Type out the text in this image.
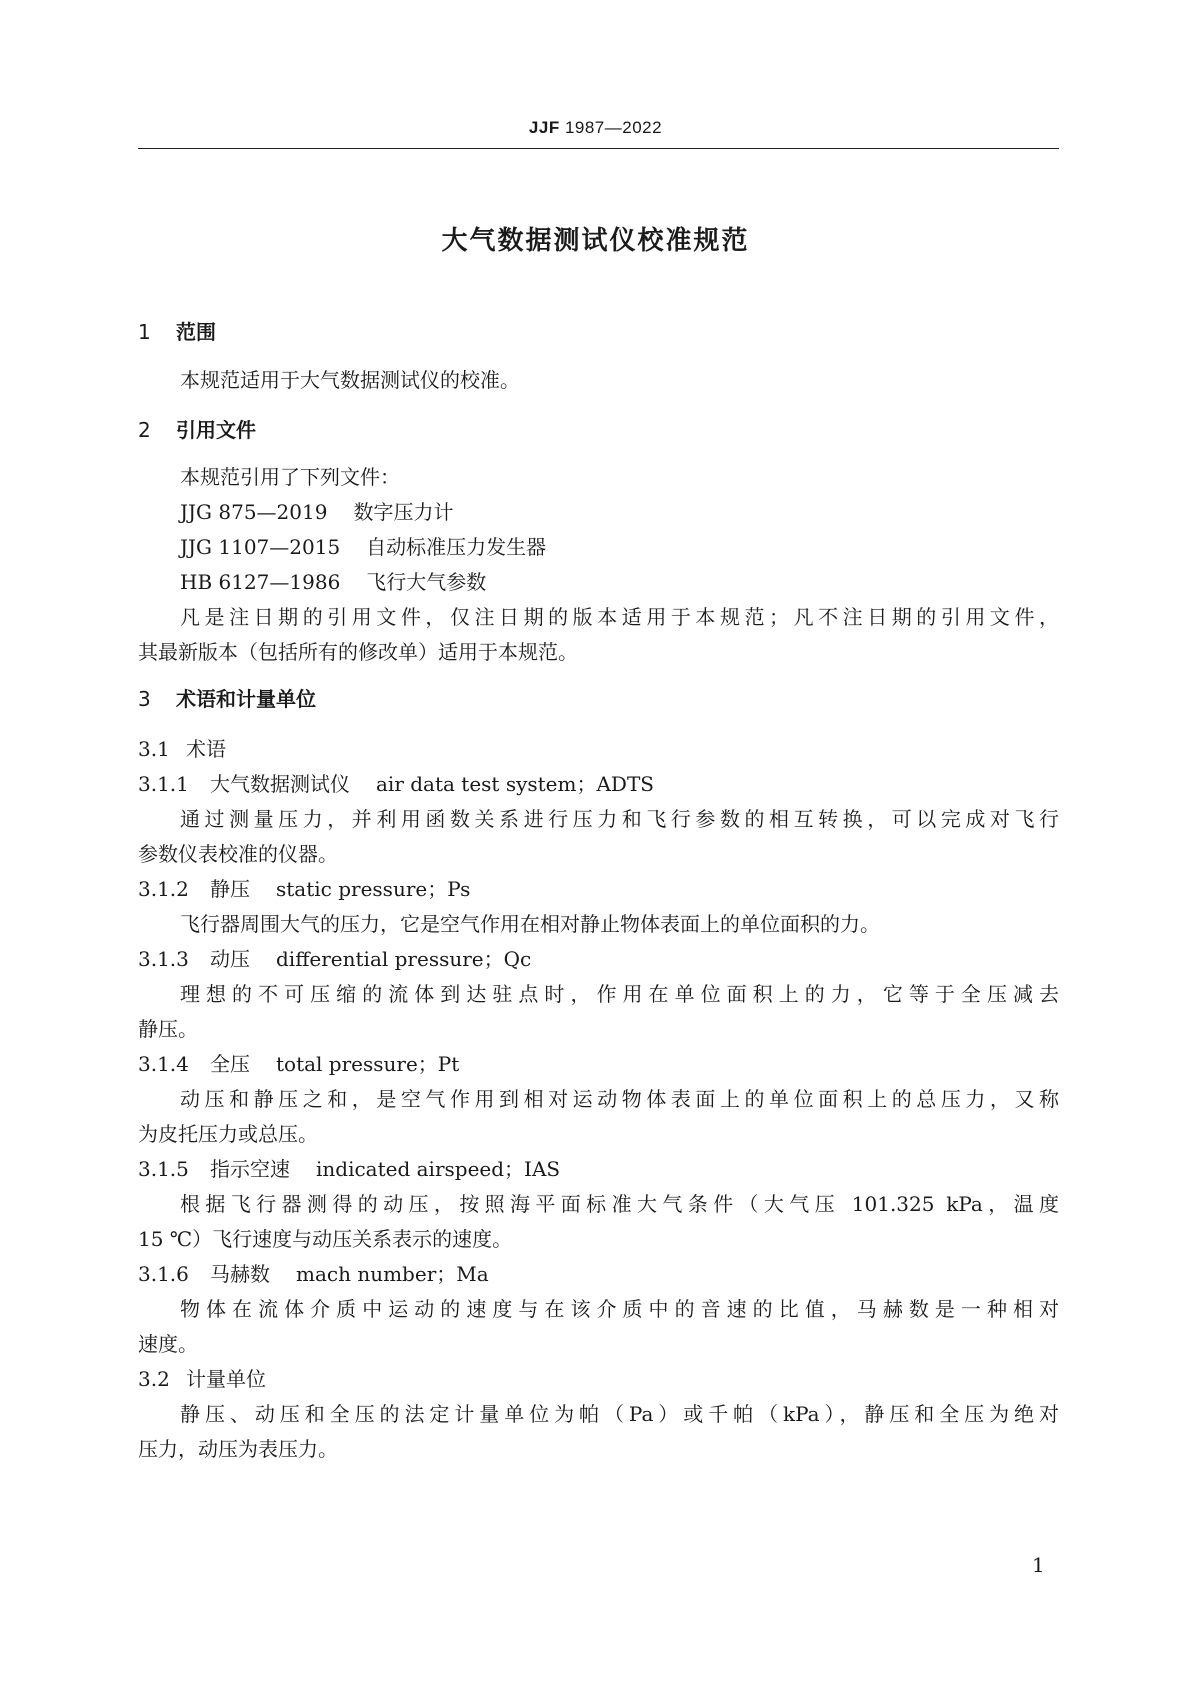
JJF 1987—2022
大气数据测试仪校准规范
1 范围
本规范适用于大气数据测试仪的校准。
2 引用文件
本规范引用了下列文件：
JJG 875—2019 数字压力计
JJG 1107—2015 自动标准压力发生器
HB 6127—1986 飞行大气参数
凡是注日期的引用文件，仅注日期的版本适用于本规范；凡不注日期的引用文件，
其最新版本（包括所有的修改单）适用于本规范。
3 术语和计量单位
3.1 术语
3.1.1 大气数据测试仪 air data test system；ADTS
通过测量压力，并利用函数关系进行压力和飞行参数的相互转换，可以完成对飞行
参数仪表校准的仪器。
3.1.2 静压 static pressure；Ps
飞行器周围大气的压力，它是空气作用在相对静止物体表面上的单位面积的力。
3.1.3 动压 differential pressure；Qc
理想的不可压缩的流体到达驻点时，作用在单位面积上的力，它等于全压减去
静压。
3.1.4 全压 total pressure；Pt
动压和静压之和，是空气作用到相对运动物体表面上的单位面积上的总压力，又称
为皮托压力或总压。
3.1.5 指示空速 indicated airspeed；IAS
根据飞行器测得的动压，按照海平面标准大气条件（大气压 101.325 kPa，温度
15 ℃）飞行速度与动压关系表示的速度。
3.1.6 马赫数 mach number；Ma
物体在流体介质中运动的速度与在该介质中的音速的比值，马赫数是一种相对
速度。
3.2 计量单位
静压、动压和全压的法定计量单位为帕（Pa）或千帕（kPa），静压和全压为绝对
压力，动压为表压力。
1
